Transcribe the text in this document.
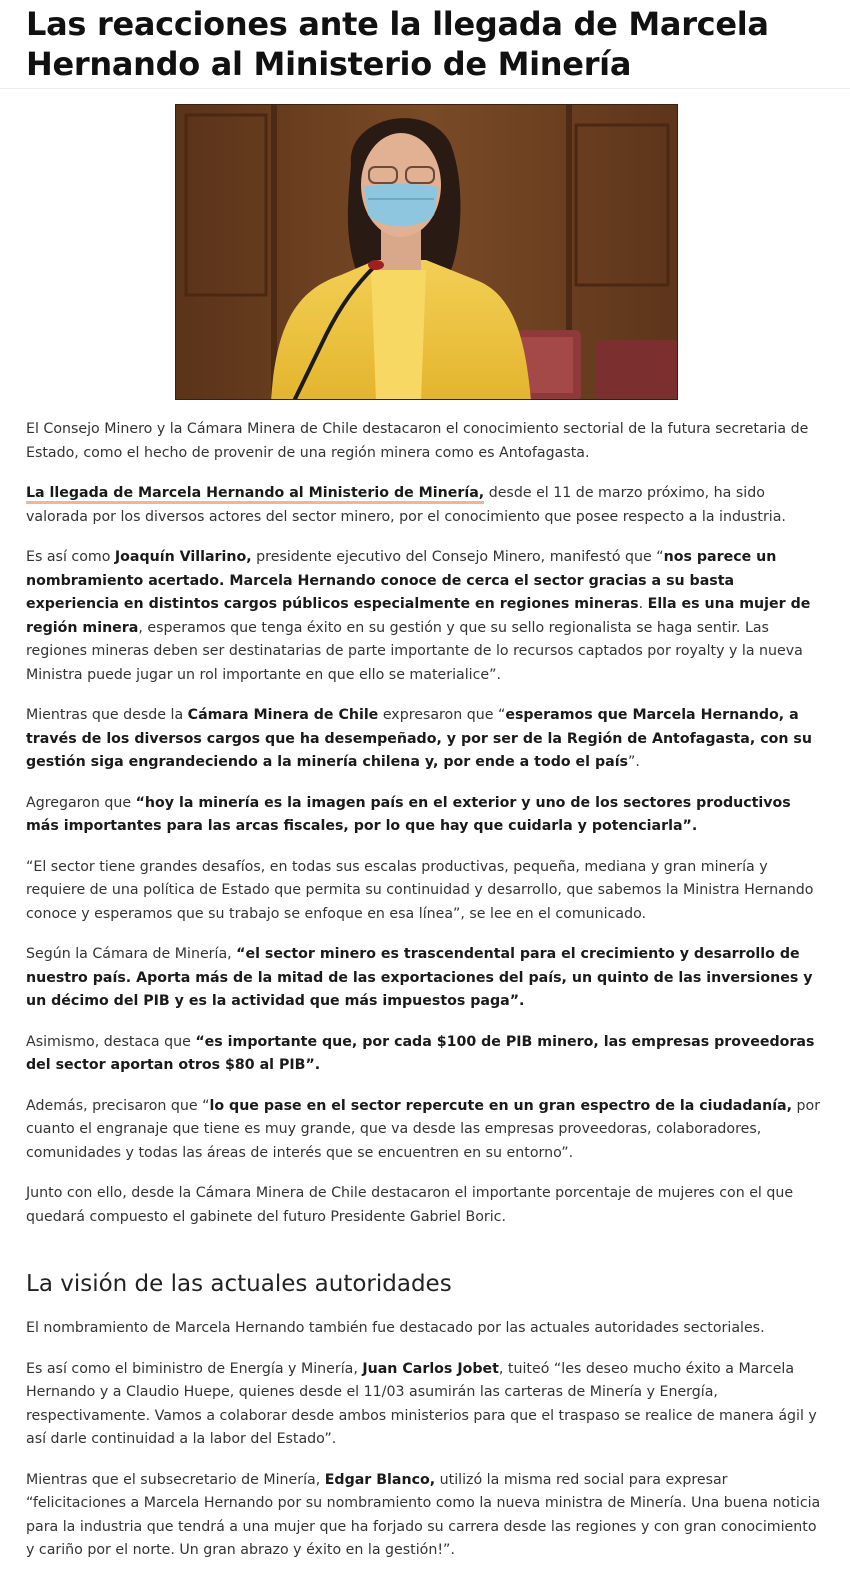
Las reacciones ante la llegada de Marcela Hernando al Ministerio de Minería

El Consejo Minero y la Cámara Minera de Chile destacaron el conocimiento sectorial de la futura secretaria de Estado, como el hecho de provenir de una región minera como es Antofagasta.

La llegada de Marcela Hernando al Ministerio de Minería, desde el 11 de marzo próximo, ha sido valorada por los diversos actores del sector minero, por el conocimiento que posee respecto a la industria.

Es así como Joaquín Villarino, presidente ejecutivo del Consejo Minero, manifestó que “nos parece un nombramiento acertado. Marcela Hernando conoce de cerca el sector gracias a su basta experiencia en distintos cargos públicos especialmente en regiones mineras. Ella es una mujer de región minera, esperamos que tenga éxito en su gestión y que su sello regionalista se haga sentir. Las regiones mineras deben ser destinatarias de parte importante de lo recursos captados por royalty y la nueva Ministra puede jugar un rol importante en que ello se materialice”.

Mientras que desde la Cámara Minera de Chile expresaron que “esperamos que Marcela Hernando, a través de los diversos cargos que ha desempeñado, y por ser de la Región de Antofagasta, con su gestión siga engrandeciendo a la minería chilena y, por ende a todo el país”.

Agregaron que “hoy la minería es la imagen país en el exterior y uno de los sectores productivos más importantes para las arcas fiscales, por lo que hay que cuidarla y potenciarla”.

“El sector tiene grandes desafíos, en todas sus escalas productivas, pequeña, mediana y gran minería y requiere de una política de Estado que permita su continuidad y desarrollo, que sabemos la Ministra Hernando conoce y esperamos que su trabajo se enfoque en esa línea”, se lee en el comunicado.

Según la Cámara de Minería, “el sector minero es trascendental para el crecimiento y desarrollo de nuestro país. Aporta más de la mitad de las exportaciones del país, un quinto de las inversiones y un décimo del PIB y es la actividad que más impuestos paga”.

Asimismo, destaca que “es importante que, por cada $100 de PIB minero, las empresas proveedoras del sector aportan otros $80 al PIB”.

Además, precisaron que “lo que pase en el sector repercute en un gran espectro de la ciudadanía, por cuanto el engranaje que tiene es muy grande, que va desde las empresas proveedoras, colaboradores, comunidades y todas las áreas de interés que se encuentren en su entorno”.

Junto con ello, desde la Cámara Minera de Chile destacaron el importante porcentaje de mujeres con el que quedará compuesto el gabinete del futuro Presidente Gabriel Boric.

La visión de las actuales autoridades

El nombramiento de Marcela Hernando también fue destacado por las actuales autoridades sectoriales.

Es así como el biministro de Energía y Minería, Juan Carlos Jobet, tuiteó “les deseo mucho éxito a Marcela Hernando y a Claudio Huepe, quienes desde el 11/03 asumirán las carteras de Minería y Energía, respectivamente. Vamos a colaborar desde ambos ministerios para que el traspaso se realice de manera ágil y así darle continuidad a la labor del Estado”.

Mientras que el subsecretario de Minería, Edgar Blanco, utilizó la misma red social para expresar “felicitaciones a Marcela Hernando por su nombramiento como la nueva ministra de Minería. Una buena noticia para la industria que tendrá a una mujer que ha forjado su carrera desde las regiones y con gran conocimiento y cariño por el norte. Un gran abrazo y éxito en la gestión!”.
